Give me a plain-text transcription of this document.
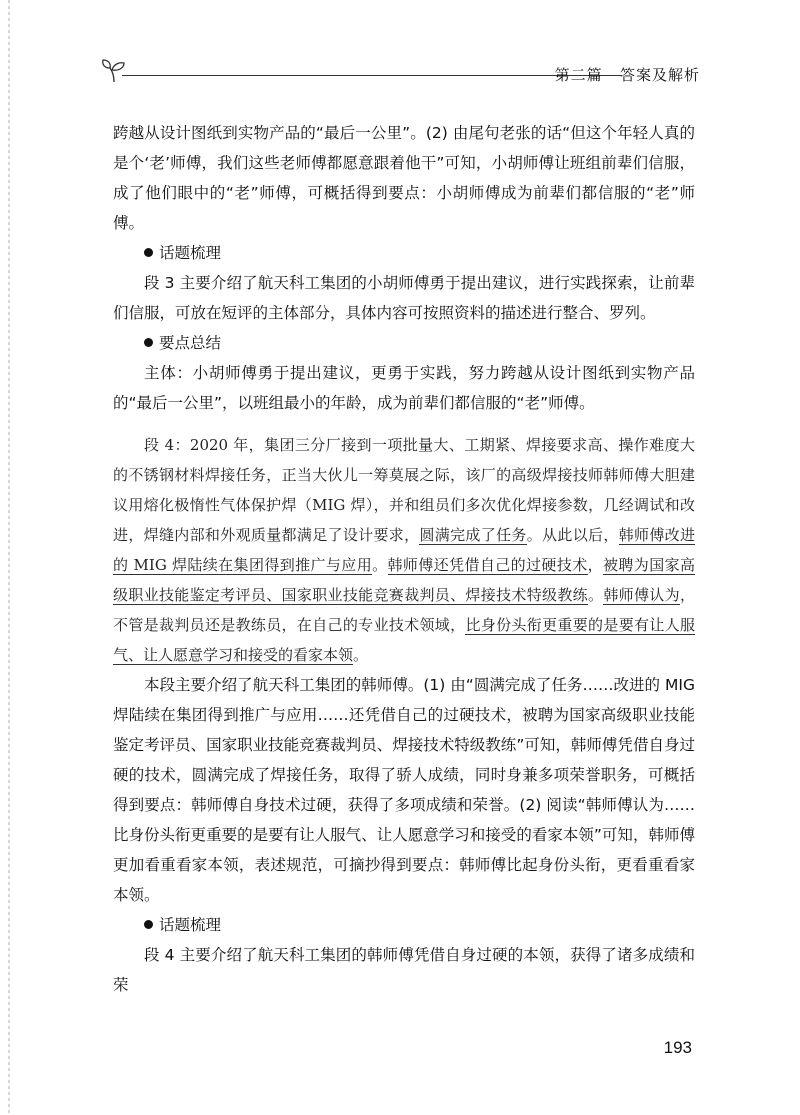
第二篇 答案及解析

跨越从设计图纸到实物产品的“最后一公里”。(2) 由尾句老张的话“但这个年轻人真的是个‘老’师傅，我们这些老师傅都愿意跟着他干”可知，小胡师傅让班组前辈们信服，成了他们眼中的“老”师傅，可概括得到要点：小胡师傅成为前辈们都信服的“老”师傅。

话题梳理

段 3 主要介绍了航天科工集团的小胡师傅勇于提出建议，进行实践探索，让前辈们信服，可放在短评的主体部分，具体内容可按照资料的描述进行整合、罗列。

要点总结

主体：小胡师傅勇于提出建议，更勇于实践，努力跨越从设计图纸到实物产品的“最后一公里”，以班组最小的年龄，成为前辈们都信服的“老”师傅。

段 4：2020 年，集团三分厂接到一项批量大、工期紧、焊接要求高、操作难度大的不锈钢材料焊接任务，正当大伙儿一筹莫展之际，该厂的高级焊接技师韩师傅大胆建议用熔化极惰性气体保护焊（MIG 焊），并和组员们多次优化焊接参数，几经调试和改进，焊缝内部和外观质量都满足了设计要求，圆满完成了任务。从此以后，韩师傅改进的 MIG 焊陆续在集团得到推广与应用。韩师傅还凭借自己的过硬技术，被聘为国家高级职业技能鉴定考评员、国家职业技能竞赛裁判员、焊接技术特级教练。韩师傅认为，不管是裁判员还是教练员，在自己的专业技术领域，比身份头衔更重要的是要有让人服气、让人愿意学习和接受的看家本领。

本段主要介绍了航天科工集团的韩师傅。(1) 由“圆满完成了任务……改进的 MIG 焊陆续在集团得到推广与应用……还凭借自己的过硬技术，被聘为国家高级职业技能鉴定考评员、国家职业技能竞赛裁判员、焊接技术特级教练”可知，韩师傅凭借自身过硬的技术，圆满完成了焊接任务，取得了骄人成绩，同时身兼多项荣誉职务，可概括得到要点：韩师傅自身技术过硬，获得了多项成绩和荣誉。(2) 阅读“韩师傅认为……比身份头衔更重要的是要有让人服气、让人愿意学习和接受的看家本领”可知，韩师傅更加看重看家本领，表述规范，可摘抄得到要点：韩师傅比起身份头衔，更看重看家本领。

话题梳理

段 4 主要介绍了航天科工集团的韩师傅凭借自身过硬的本领，获得了诸多成绩和荣

193
